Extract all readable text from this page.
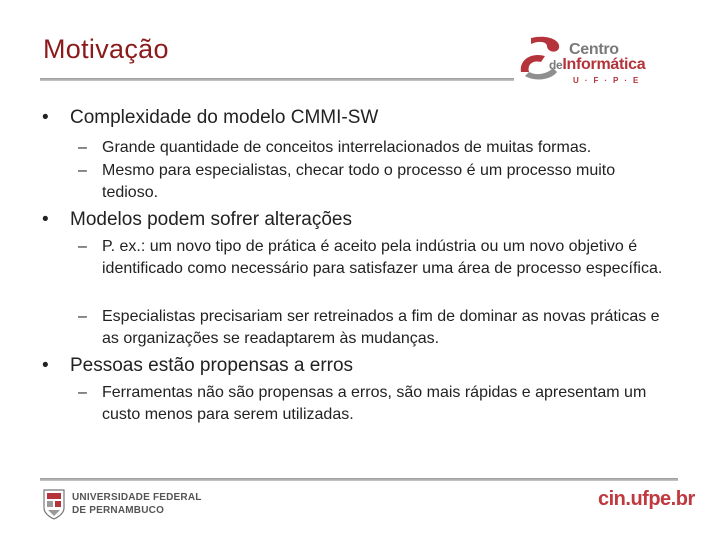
Motivação	Centro
deInformática
U·F·P·E
• Complexidade do modelo CMMI-SW
– Grande quantidade de conceitos interrelacionados de muitas formas.
– Mesmo para especialistas, checar todo o processo é um processo muito tedioso.
• Modelos podem sofrer alterações
– P. ex.: um novo tipo de prática é aceito pela indústria ou um novo objetivo é identificado como necessário para satisfazer uma área de processo específica.
– Especialistas precisariam ser retreinados a fim de dominar as novas práticas e as organizações se readaptarem às mudanças.
• Pessoas estão propensas a erros
– Ferramentas não são propensas a erros, são mais rápidas e apresentam um custo menos para serem utilizadas.
UNIVERSIDADE FEDERAL
DE PERNAMBUCO
cin.ufpe.br
